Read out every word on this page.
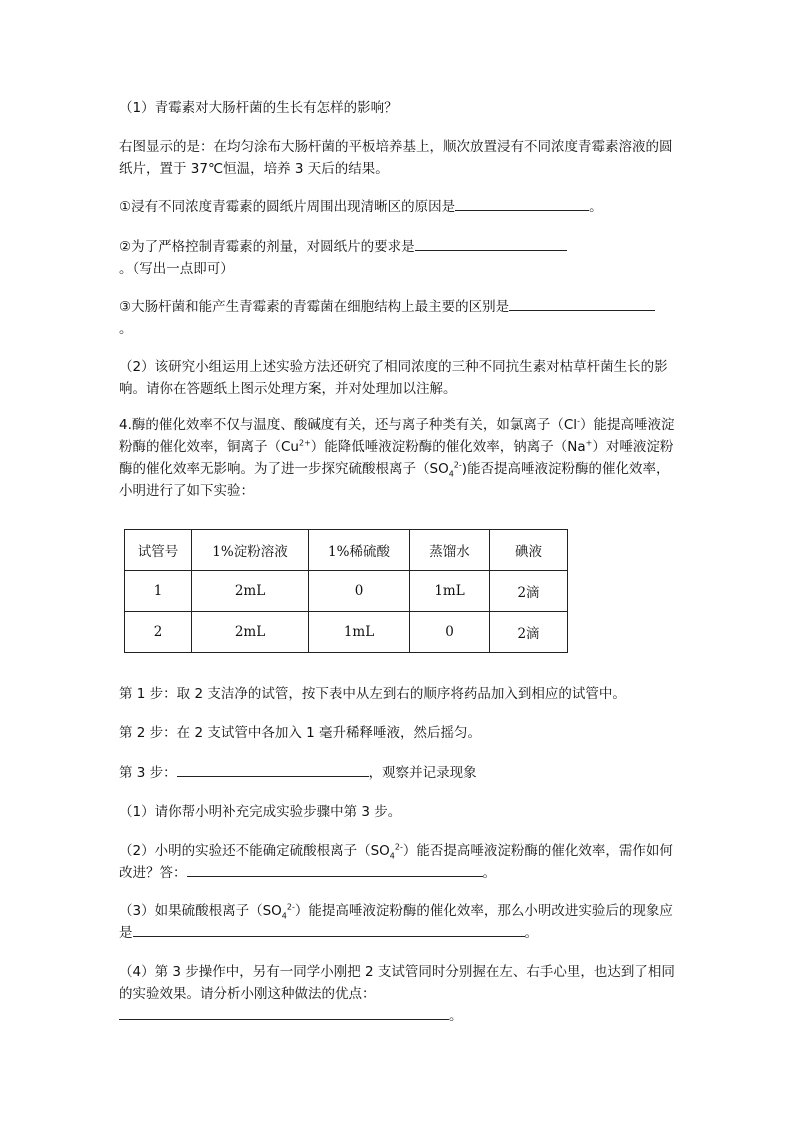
（1）青霉素对大肠杆菌的生长有怎样的影响？

右图显示的是：在均匀涂布大肠杆菌的平板培养基上，顺次放置浸有不同浓度青霉素溶液的圆纸片，置于 37℃恒温，培养 3 天后的结果。

①浸有不同浓度青霉素的圆纸片周围出现清晰区的原因是	。

②为了严格控制青霉素的剂量，对圆纸片的要求是。（写出一点即可）

③大肠杆菌和能产生青霉素的青霉菌在细胞结构上最主要的区别是
。

（2）该研究小组运用上述实验方法还研究了相同浓度的三种不同抗生素对枯草杆菌生长的影响。请你在答题纸上图示处理方案，并对处理加以注解。

4.酶的催化效率不仅与温度、酸碱度有关，还与离子种类有关，如氯离子（Cl-）能提高唾液淀粉酶的催化效率，铜离子$(Cu^{2+})$能降低唾液淀粉酶的催化效率，钠离子（Na+）对唾液淀粉酶的催化效率无影响。为了进一步探究硫酸根离子$(SO_4^{2-})$能否提高唾液淀粉酶的催化效率，小明进行了如下实验：

试管号	1%淀粉溶液	1%稀硫酸	蒸馏水	碘液
1	2mL	0	1mL	2滴
2	2mL	1mL	0	2滴

第 1 步：取 2 支洁净的试管，按下表中从左到右的顺序将药品加入到相应的试管中。

第 2 步：在 2 支试管中各加入 1 毫升稀释唾液，然后摇匀。

第 3 步：	，观察并记录现象

（1）请你帮小明补充完成实验步骤中第 3 步。

（2）小明的实验还不能确定硫酸根离子$(SO_4^{2-})$能否提高唾液淀粉酶的催化效率，需作如何改进？答：	。

（3）如果硫酸根离子$(SO_4^{2-})$能提高唾液淀粉酶的催化效率，那么小明改进实验后的现象应是	。

（4）第 3 步操作中，另有一同学小刚把 2 支试管同时分别握在左、右手心里，也达到了相同的实验效果。请分析小刚这种做法的优点：
。
